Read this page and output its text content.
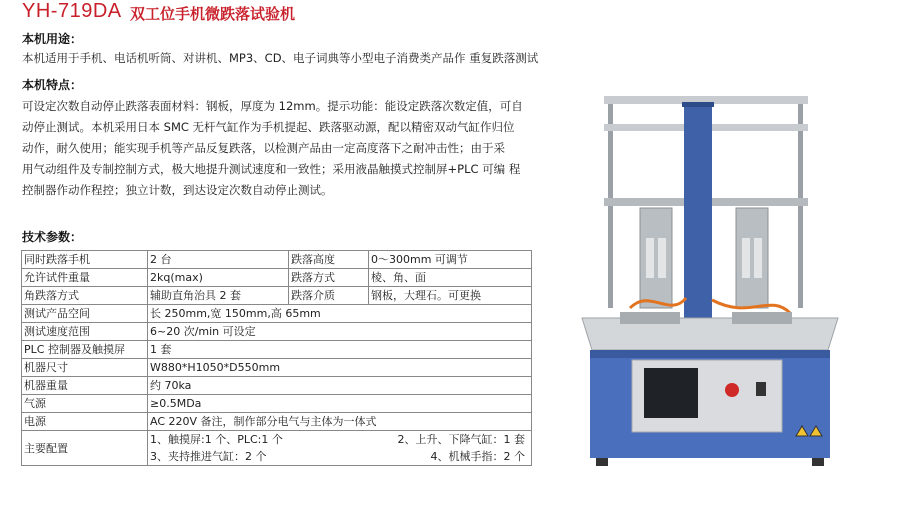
YH-719DA 双工位手机微跌落试验机
本机用途：
本机适用于手机、电话机听筒、对讲机、MP3、CD、电子词典等小型电子消费类产品作 重复跌落测试
本机特点：
可设定次数自动停止跌落表面材料：钢板，厚度为 12mm。提示功能：能设定跌落次数定值，可自
动停止测试。本机采用日本 SMC 无杆气缸作为手机提起、跌落驱动源，配以精密双动气缸作归位
动作，耐久使用；能实现手机等产品反复跌落，以检测产品由一定高度落下之耐冲击性；由于采
用气动组件及专制控制方式，极大地提升测试速度和一致性；采用液晶触摸式控制屏+PLC 可编 程
控制器作动作程控；独立计数，到达设定次数自动停止测试。
技术参数：
同时跌落手机	2 台	跌落高度	0～300mm 可调节
允许试件重量	2kq(max)	跌落方式	棱、角、面
角跌落方式	辅助直角治具 2 套	跌落介质	钢板，大理石。可更换
测试产品空间	长 250mm,宽 150mm,高 65mm		
测试速度范围	6~20 次/min 可设定		
PLC 控制器及触摸屏	1 套		
机器尺寸	W880*H1050*D550mm		
机器重量	约 70ka		
气源	≥0.5MDa		
电源	AC 220V 备注，制作部分电气与主体为一体式		
主要配置	1、触摸屏:1 个、PLC:1 个 2、上升、下降气缸：1 套
3、夹持推进气缸：2 个 4、机械手指：2 个		
